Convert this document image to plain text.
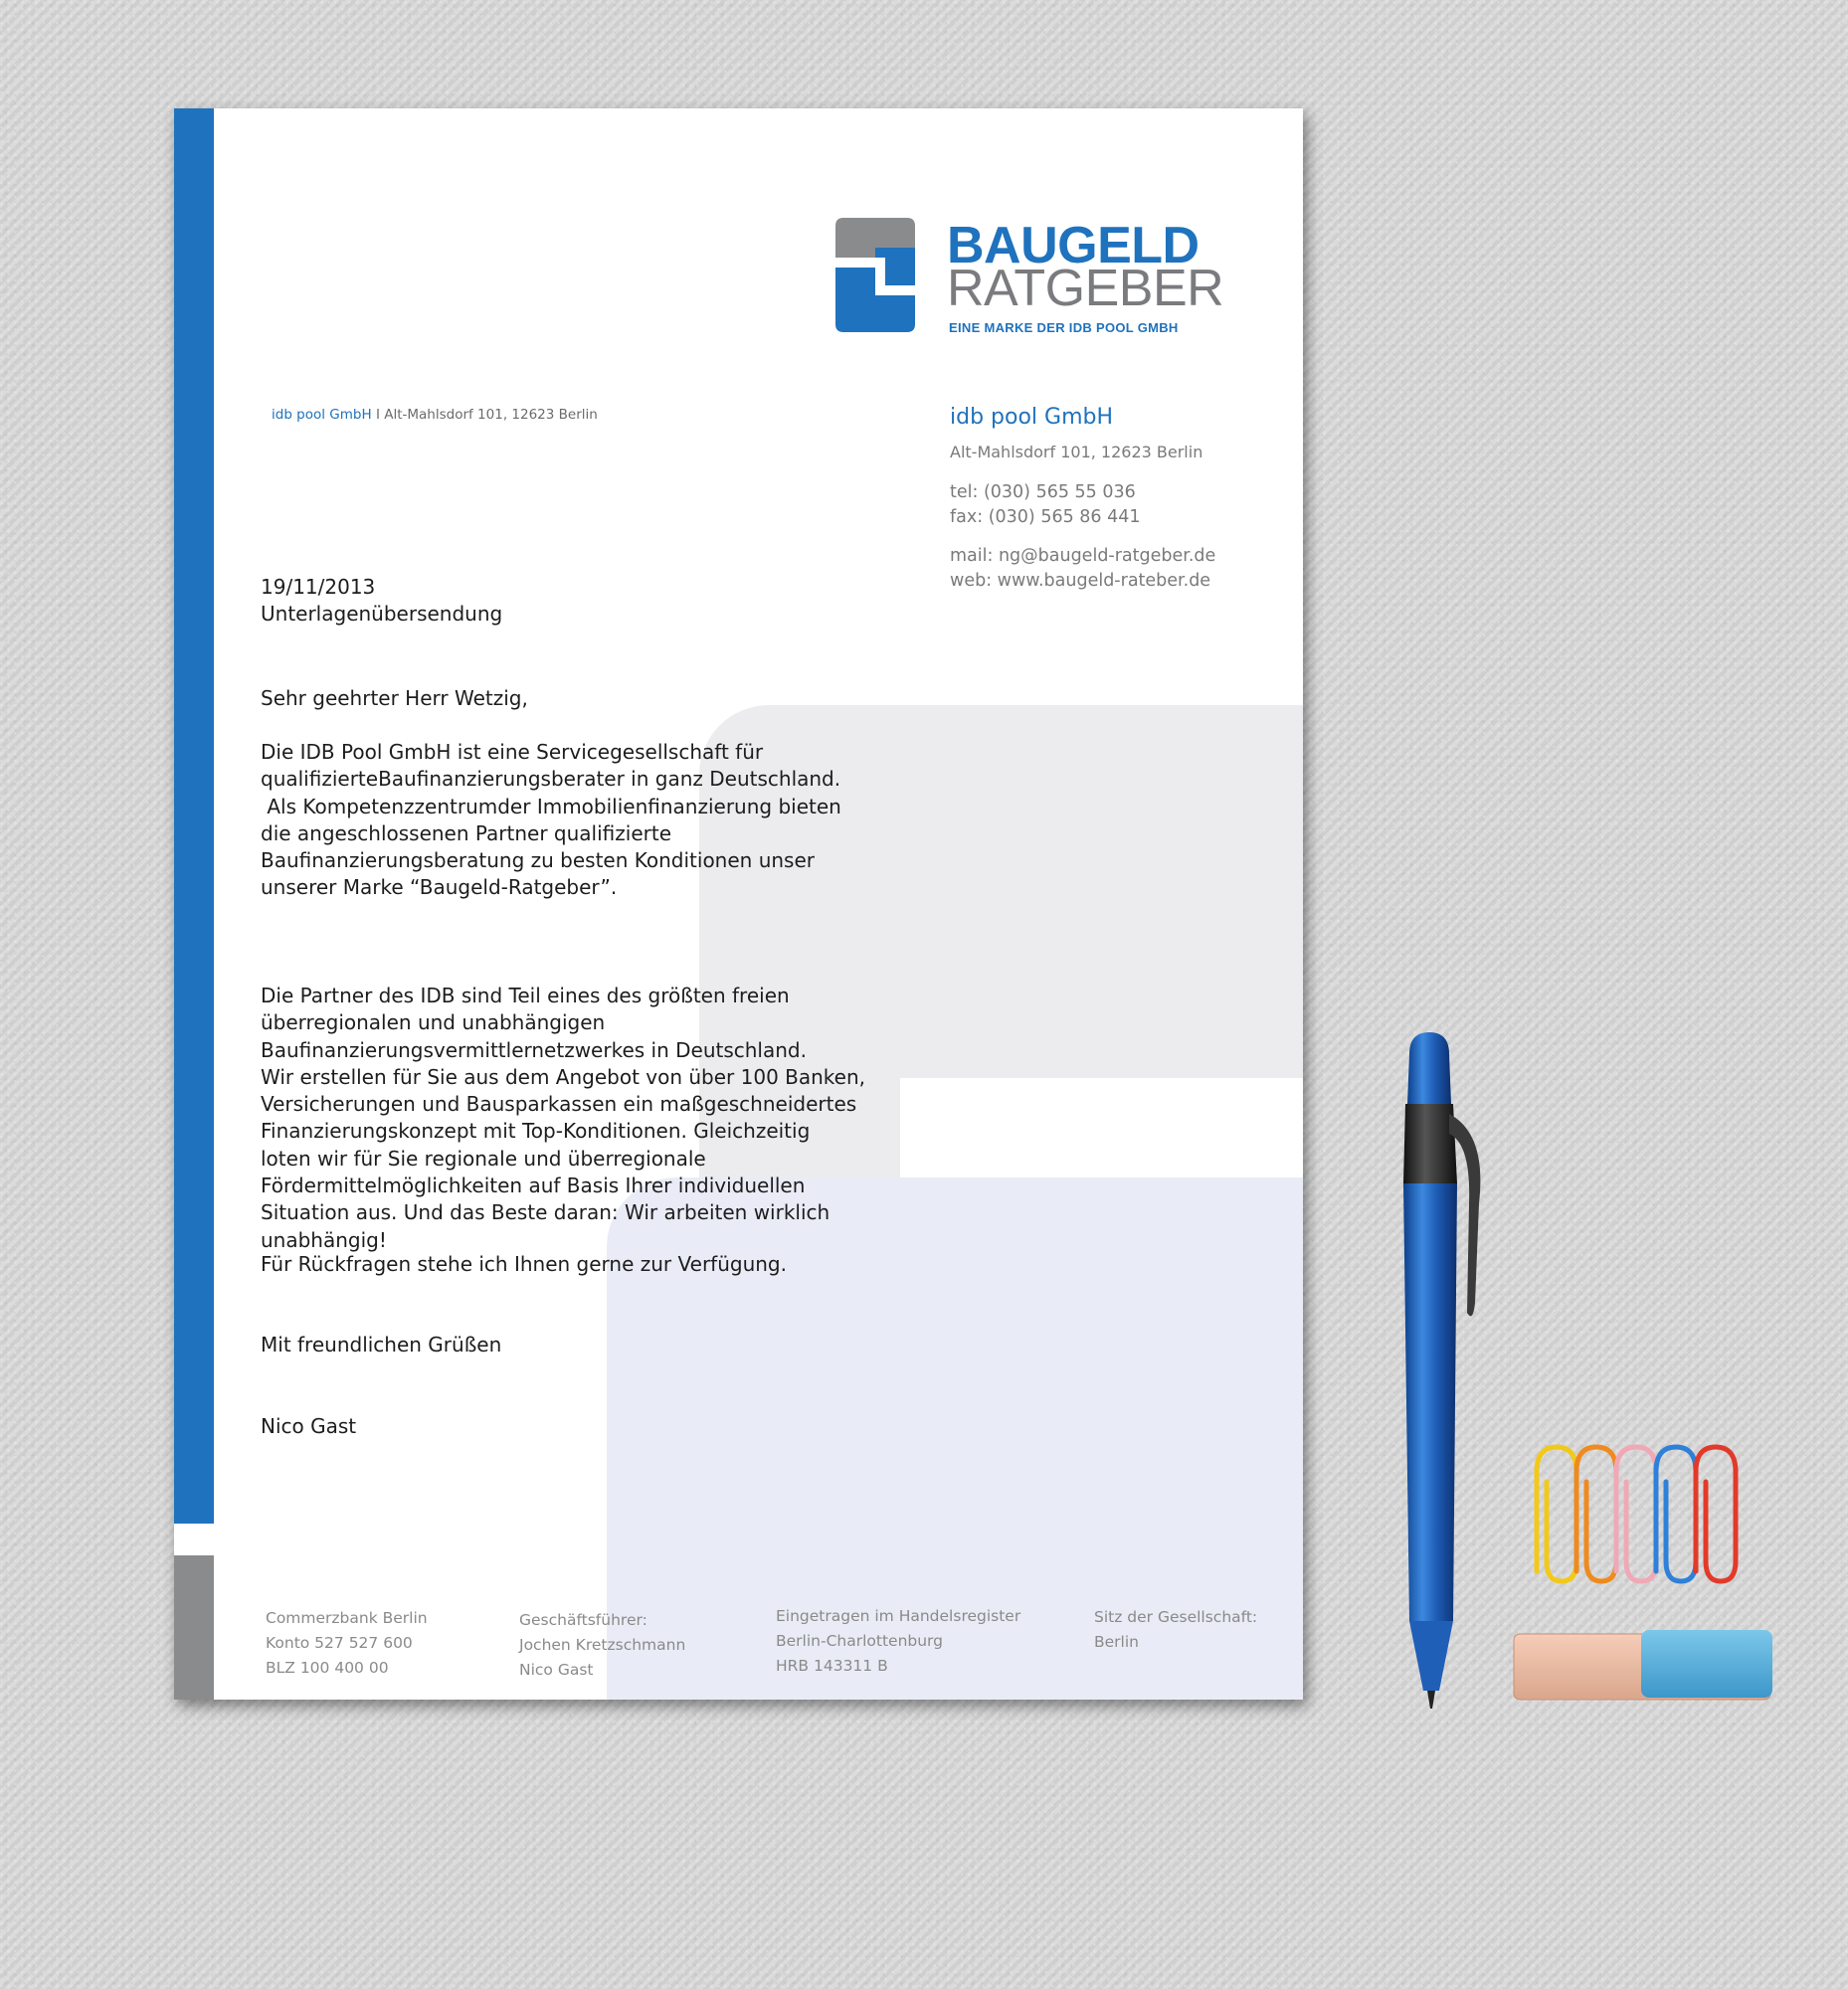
BAUGELD
RATGEBER
EINE MARKE DER IDB POOL GMBH
idb pool GmbH I Alt-Mahlsdorf 101, 12623 Berlin	idb pool GmbH
Alt-Mahlsdorf 101, 12623 Berlin
tel: (030) 565 55 036
fax: (030) 565 86 441
mail: ng@baugeld-ratgeber.de
web: www.baugeld-rateber.de
19/11/2013
Unterlagenübersendung
Sehr geehrter Herr Wetzig,
Die IDB Pool GmbH ist eine Servicegesellschaft für
qualifizierteBaufinanzierungsberater in ganz Deutschland.
Als Kompetenzzentrumder Immobilienfinanzierung bieten
die angeschlossenen Partner qualifizierte
Baufinanzierungsberatung zu besten Konditionen unser
unserer Marke “Baugeld-Ratgeber”.
Die Partner des IDB sind Teil eines des größten freien
überregionalen und unabhängigen
Baufinanzierungsvermittlernetzwerkes in Deutschland.
Wir erstellen für Sie aus dem Angebot von über 100 Banken,
Versicherungen und Bausparkassen ein maßgeschneidertes
Finanzierungskonzept mit Top-Konditionen. Gleichzeitig
loten wir für Sie regionale und überregionale
Fördermittelmöglichkeiten auf Basis Ihrer individuellen
Situation aus. Und das Beste daran: Wir arbeiten wirklich
unabhängig!
Für Rückfragen stehe ich Ihnen gerne zur Verfügung.
Mit freundlichen Grüßen
Nico Gast
Commerzbank Berlin
Konto 527 527 600
BLZ 100 400 00
Geschäftsführer:
Jochen Kretzschmann
Nico Gast
Eingetragen im Handelsregister
Berlin-Charlottenburg
HRB 143311 B
Sitz der Gesellschaft:
Berlin
